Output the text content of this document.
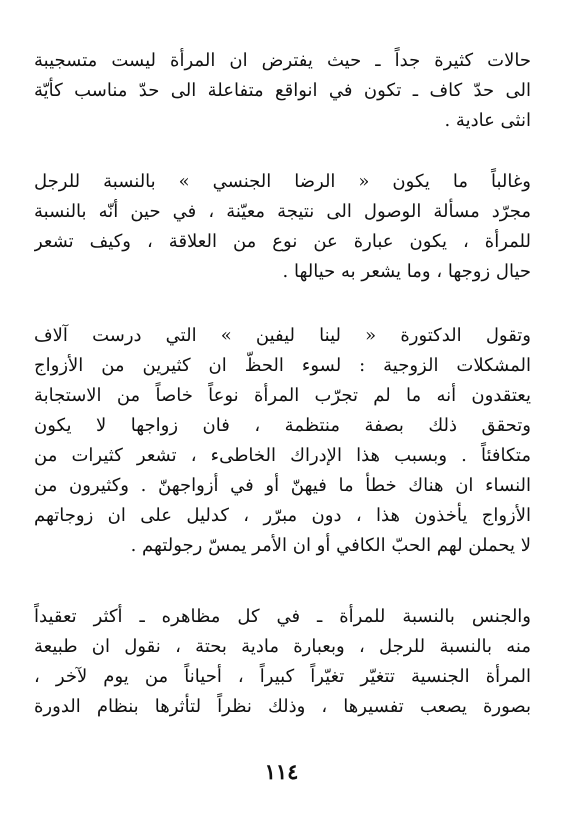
حالات كثيرة جداً ـ حيث يفترض ان المرأة ليست متسجيبة
الى حدّ كاف ـ تكون في انواقع متفاعلة الى حدّ مناسب كأيّة
انثى عادية .
وغالباً ما يكون « الرضا الجنسي » بالنسبة للرجل
مجرّد مسألة الوصول الى نتيجة معيّنة ، في حين أنّه بالنسبة
للمرأة ، يكون عبارة عن نوع من العلاقة ، وكيف تشعر
حيال زوجها ، وما يشعر به حيالها .
وتقول الدكتورة « لينا ليفين » التي درست آلاف
المشكلات الزوجية : لسوء الحظّ ان كثيرين من الأزواج
يعتقدون أنه ما لم تجرّب المرأة نوعاً خاصاً من الاستجابة
وتحقق ذلك بصفة منتظمة ، فان زواجها لا يكون
متكافئاً . وبسبب هذا الإدراك الخاطىء ، تشعر كثيرات من
النساء ان هناك خطأ ما فيهنّ أو في أزواجهنّ . وكثيرون من
الأزواج يأخذون هذا ، دون مبرّر ، كدليل على ان زوجاتهم
لا يحملن لهم الحبّ الكافي أو ان الأمر يمسّ رجولتهم .
والجنس بالنسبة للمرأة ـ في كل مظاهره ـ أكثر تعقيداً
منه بالنسبة للرجل ، وبعبارة مادية بحتة ، نقول ان طبيعة
المرأة الجنسية تتغيّر تغيّراً كبيراً ، أحياناً من يوم لآخر ،
بصورة يصعب تفسيرها ، وذلك نظراً لتأثرها بنظام الدورة
١١٤
